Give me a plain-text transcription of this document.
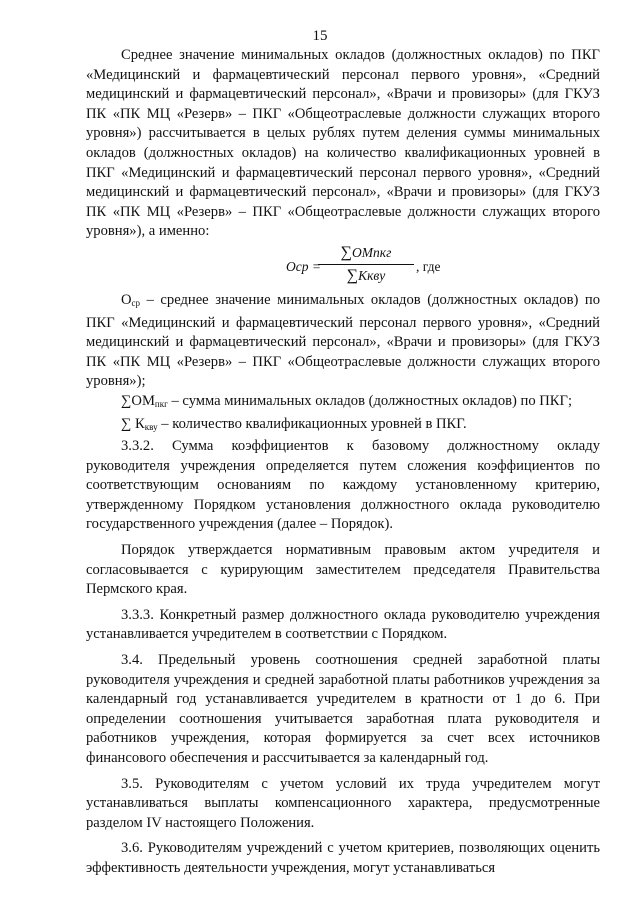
15

Среднее значение минимальных окладов (должностных окладов) по ПКГ «Медицинский и фармацевтический персонал первого уровня», «Средний медицинский и фармацевтический персонал», «Врачи и провизоры» (для ГКУЗ ПК «ПК МЦ «Резерв» – ПКГ «Общеотраслевые должности служащих второго уровня») рассчитывается в целых рублях путем деления суммы минимальных окладов (должностных окладов) на количество квалификационных уровней в ПКГ «Медицинский и фармацевтический персонал первого уровня», «Средний медицинский и фармацевтический персонал», «Врачи и провизоры» (для ГКУЗ ПК «ПК МЦ «Резерв» – ПКГ «Общеотраслевые должности служащих второго уровня»), а именно:

Оср =
∑ОМпкг
∑Ккву
, где

$О_{ср}$ – среднее значение минимальных окладов (должностных окладов) по ПКГ «Медицинский и фармацевтический персонал первого уровня», «Средний медицинский и фармацевтический персонал», «Врачи и провизоры» (для ГКУЗ ПК «ПК МЦ «Резерв» – ПКГ «Общеотраслевые должности служащих второго уровня»);

$\sum ОМ_{пкг}$ – сумма минимальных окладов (должностных окладов) по ПКГ;

∑ $К_{кву}$ – количество квалификационных уровней в ПКГ.

3.3.2. Сумма коэффициентов к базовому должностному окладу руководителя учреждения определяется путем сложения коэффициентов по соответствующим основаниям по каждому установленному критерию, утвержденному Порядком установления должностного оклада руководителю государственного учреждения (далее – Порядок).

Порядок утверждается нормативным правовым актом учредителя и согласовывается с курирующим заместителем председателя Правительства Пермского края.

3.3.3. Конкретный размер должностного оклада руководителю учреждения устанавливается учредителем в соответствии с Порядком.

3.4. Предельный уровень соотношения средней заработной платы руководителя учреждения и средней заработной платы работников учреждения за календарный год устанавливается учредителем в кратности от 1 до 6. При определении соотношения учитывается заработная плата руководителя и работников учреждения, которая формируется за счет всех источников финансового обеспечения и рассчитывается за календарный год.

3.5. Руководителям с учетом условий их труда учредителем могут устанавливаться выплаты компенсационного характера, предусмотренные разделом IV настоящего Положения.

3.6. Руководителям учреждений с учетом критериев, позволяющих оценить эффективность деятельности учреждения, могут устанавливаться
